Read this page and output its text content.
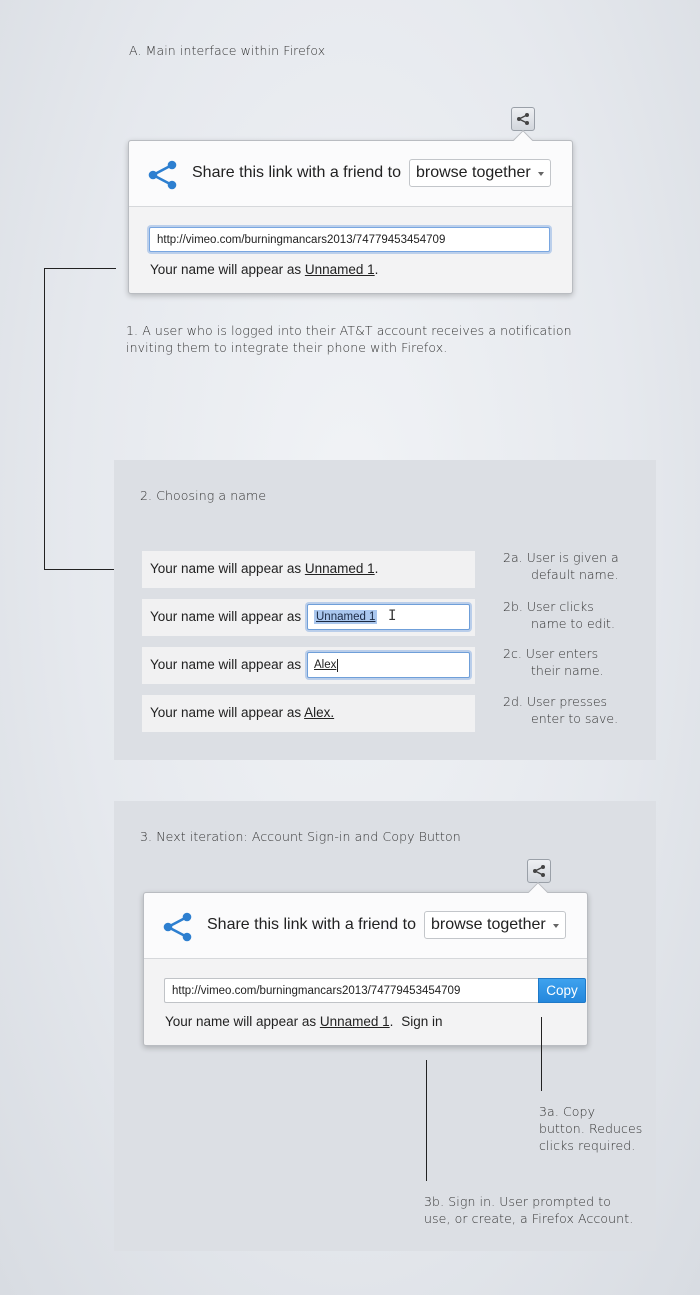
A. Main interface within Firefox
Share this link with a friend to browse together
http://vimeo.com/burningmancars2013/74779453454709
Your name will appear as Unnamed 1.
1. A user who is logged into their AT&T account receives a notification
inviting them to integrate their phone with Firefox.
2. Choosing a name
Your name will appear as Unnamed 1.
Your name will appear as Unnamed 1 I
Your name will appear as Alex
Your name will appear as Alex.
2a. User is given a
default name.
2b. User clicks
name to edit.
2c. User enters
their name.
2d. User presses
enter to save.
3. Next iteration: Account Sign-in and Copy Button
Share this link with a friend to browse together
http://vimeo.com/burningmancars2013/74779453454709	Copy
Your name will appear as Unnamed 1. Sign in
3a. Copy
button. Reduces
clicks required.
3b. Sign in. User prompted to
use, or create, a Firefox Account.
